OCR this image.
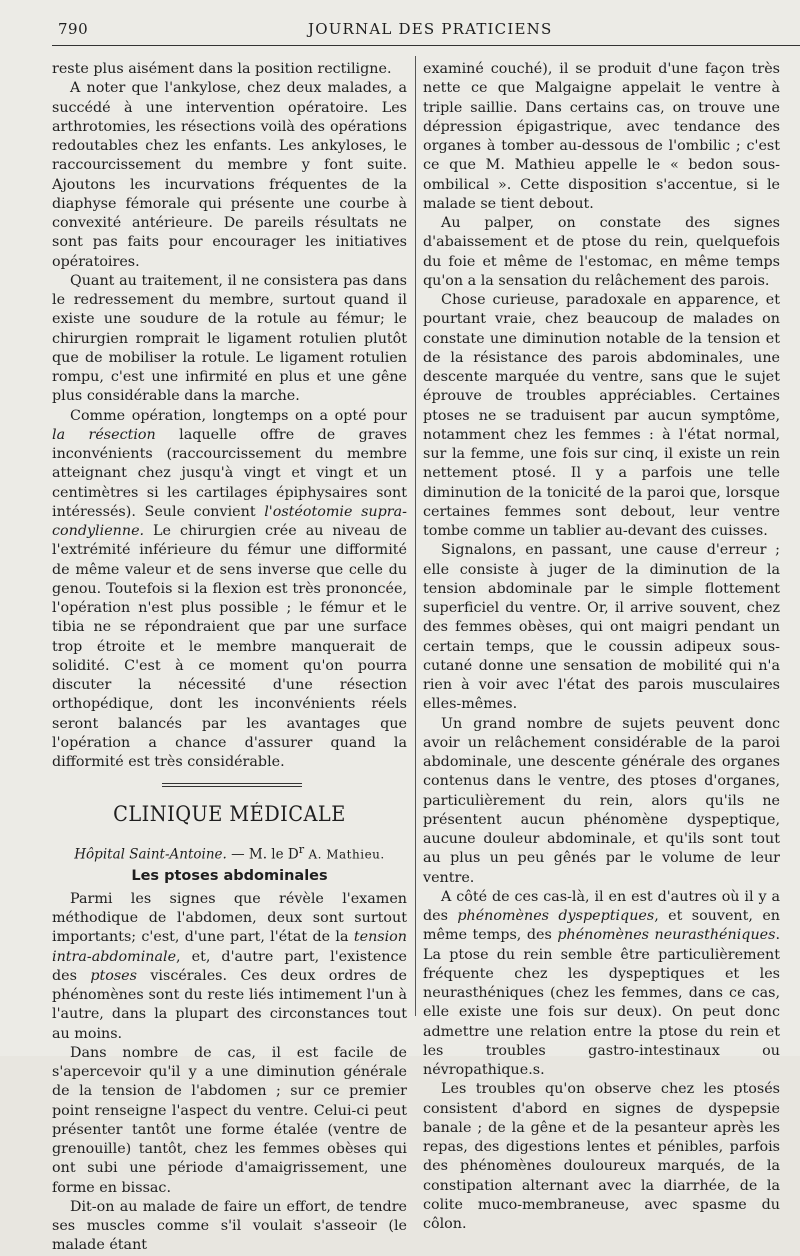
790	JOURNAL DES PRATICIENS

reste plus aisément dans la position rectiligne.

A noter que l'ankylose, chez deux malades, a succédé à une intervention opératoire. Les arthrotomies, les résections voilà des opérations redoutables chez les enfants. Les ankyloses, le raccourcissement du membre y font suite. Ajoutons les incurvations fréquentes de la diaphyse fémorale qui présente une courbe à convexité antérieure. De pareils résultats ne sont pas faits pour encourager les initiatives opératoires.

Quant au traitement, il ne consistera pas dans le redressement du membre, surtout quand il existe une soudure de la rotule au fémur; le chirurgien romprait le ligament rotulien plutôt que de mobiliser la rotule. Le ligament rotulien rompu, c'est une infirmité en plus et une gêne plus considérable dans la marche.

Comme opération, longtemps on a opté pour la résection laquelle offre de graves inconvénients (raccourcissement du membre atteignant chez jusqu'à vingt et vingt et un centimètres si les cartilages épiphysaires sont intéressés). Seule convient l'ostéotomie supra-condylienne. Le chirurgien crée au niveau de l'extrémité inférieure du fémur une difformité de même valeur et de sens inverse que celle du genou. Toutefois si la flexion est très prononcée, l'opération n'est plus possible ; le fémur et le tibia ne se répondraient que par une surface trop étroite et le membre manquerait de solidité. C'est à ce moment qu'on pourra discuter la nécessité d'une résection orthopédique, dont les inconvénients réels seront balancés par les avantages que l'opération a chance d'assurer quand la difformité est très considérable.

CLINIQUE MÉDICALE
Hôpital Saint-Antoine. — M. le $D^r$ A. Mathieu.
Les ptoses abdominales

Parmi les signes que révèle l'examen méthodique de l'abdomen, deux sont surtout importants; c'est, d'une part, l'état de la tension intra-abdominale, et, d'autre part, l'existence des ptoses viscérales. Ces deux ordres de phénomènes sont du reste liés intimement l'un à l'autre, dans la plupart des circonstances tout au moins.

Dans nombre de cas, il est facile de s'apercevoir qu'il y a une diminution générale de la tension de l'abdomen ; sur ce premier point renseigne l'aspect du ventre. Celui-ci peut présenter tantôt une forme étalée (ventre de grenouille) tantôt, chez les femmes obèses qui ont subi une période d'amaigrissement, une forme en bissac.

Dit-on au malade de faire un effort, de tendre ses muscles comme s'il voulait s'asseoir (le malade étant

examiné couché), il se produit d'une façon très nette ce que Malgaigne appelait le ventre à triple saillie. Dans certains cas, on trouve une dépression épigastrique, avec tendance des organes à tomber au-dessous de l'ombilic ; c'est ce que M. Mathieu appelle le « bedon sous-ombilical ». Cette disposition s'accentue, si le malade se tient debout.

Au palper, on constate des signes d'abaissement et de ptose du rein, quelquefois du foie et même de l'estomac, en même temps qu'on a la sensation du relâchement des parois.

Chose curieuse, paradoxale en apparence, et pourtant vraie, chez beaucoup de malades on constate une diminution notable de la tension et de la résistance des parois abdominales, une descente marquée du ventre, sans que le sujet éprouve de troubles appréciables. Certaines ptoses ne se traduisent par aucun symptôme, notamment chez les femmes : à l'état normal, sur la femme, une fois sur cinq, il existe un rein nettement ptosé. Il y a parfois une telle diminution de la tonicité de la paroi que, lorsque certaines femmes sont debout, leur ventre tombe comme un tablier au-devant des cuisses.

Signalons, en passant, une cause d'erreur ; elle consiste à juger de la diminution de la tension abdominale par le simple flottement superficiel du ventre. Or, il arrive souvent, chez des femmes obèses, qui ont maigri pendant un certain temps, que le coussin adipeux sous-cutané donne une sensation de mobilité qui n'a rien à voir avec l'état des parois musculaires elles-mêmes.

Un grand nombre de sujets peuvent donc avoir un relâchement considérable de la paroi abdominale, une descente générale des organes contenus dans le ventre, des ptoses d'organes, particulièrement du rein, alors qu'ils ne présentent aucun phénomène dyspeptique, aucune douleur abdominale, et qu'ils sont tout au plus un peu gênés par le volume de leur ventre.

A côté de ces cas-là, il en est d'autres où il y a des phénomènes dyspeptiques, et souvent, en même temps, des phénomènes neurasthéniques. La ptose du rein semble être particulièrement fréquente chez les dyspeptiques et les neurasthéniques (chez les femmes, dans ce cas, elle existe une fois sur deux). On peut donc admettre une relation entre la ptose du rein et les troubles gastro-intestinaux ou névropathique.s.

Les troubles qu'on observe chez les ptosés consistent d'abord en signes de dyspepsie banale ; de la gêne et de la pesanteur après les repas, des digestions lentes et pénibles, parfois des phénomènes douloureux marqués, de la constipation alternant avec la diarrhée, de la colite muco-membraneuse, avec spasme du côlon.
